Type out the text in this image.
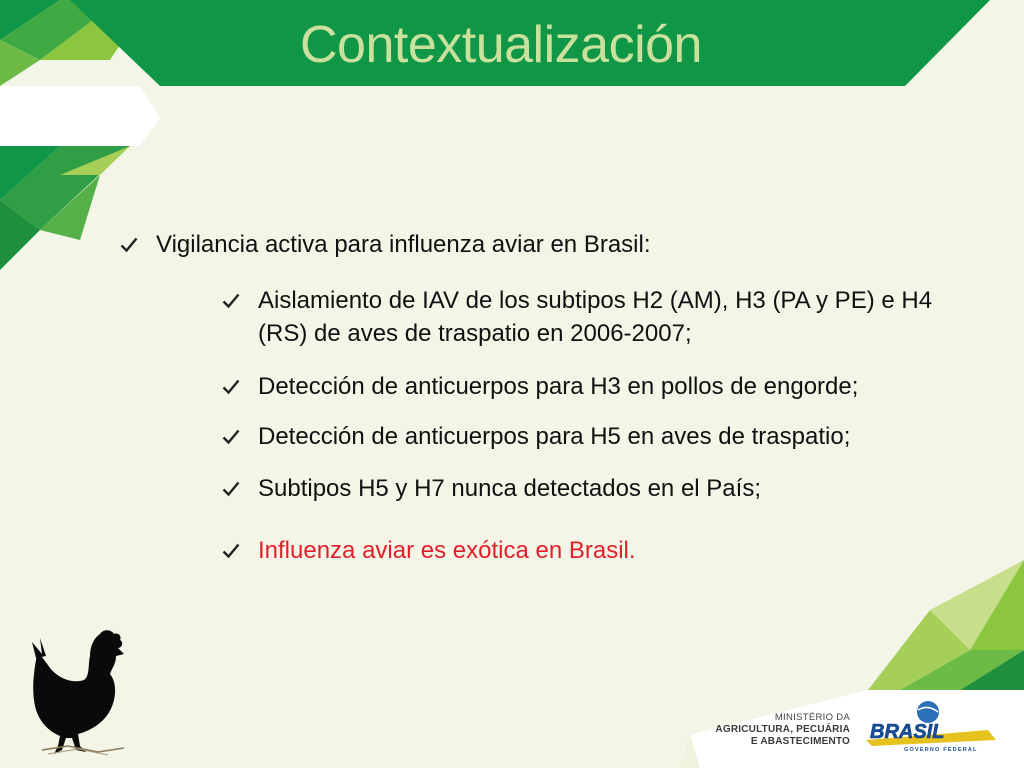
Contextualización
Vigilancia activa para influenza aviar en Brasil:
Aislamiento de IAV de los subtipos H2 (AM), H3 (PA y PE) e H4 (RS) de aves de traspatio en 2006-2007;
Detección de anticuerpos para H3 en pollos de engorde;
Detección de anticuerpos para H5 en aves de traspatio;
Subtipos H5 y H7 nunca detectados en el País;
Influenza aviar es exótica en Brasil.
MINISTÉRIO DA
AGRICULTURA, PECUÁRIA
E ABASTECIMENTO BRASIL
GOVERNO FEDERAL
